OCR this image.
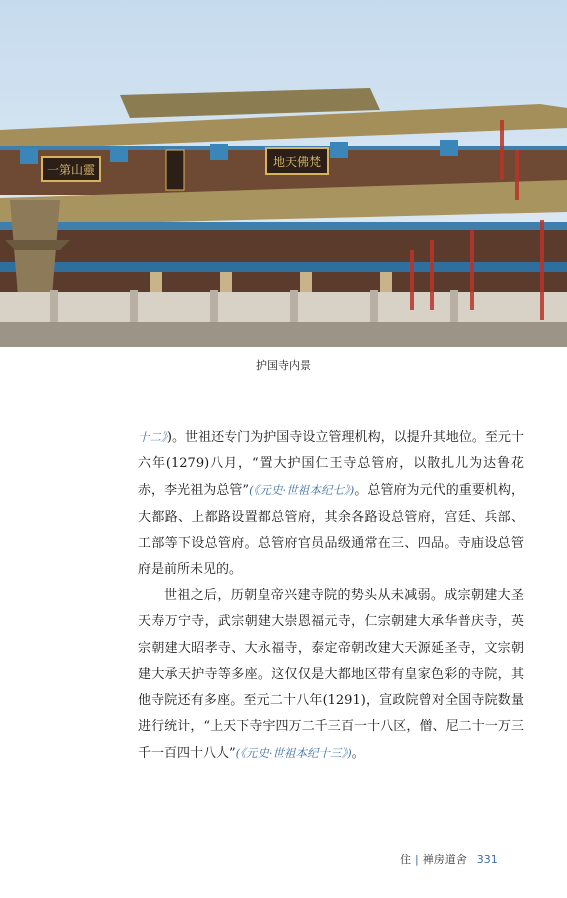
一第山靈
地天佛梵
护国寺内景

十二》)。世祖还专门为护国寺设立管理机构，以提升其地位。至元十六年(1279)八月，“置大护国仁王寺总管府，以散扎儿为达鲁花赤，李光祖为总管”(《元史·世祖本纪七》)。总管府为元代的重要机构，大都路、上都路设置都总管府，其余各路设总管府，宫廷、兵部、工部等下设总管府。总管府官员品级通常在三、四品。寺庙设总管府是前所未见的。

世祖之后，历朝皇帝兴建寺院的势头从未减弱。成宗朝建大圣天寿万宁寺，武宗朝建大崇恩福元寺，仁宗朝建大承华普庆寺，英宗朝建大昭孝寺、大永福寺，泰定帝朝改建大天源延圣寺，文宗朝建大承天护寺等多座。这仅仅是大都地区带有皇家色彩的寺院，其他寺院还有多座。至元二十八年(1291)，宣政院曾对全国寺院数量进行统计，“上天下寺宇四万二千三百一十八区，僧、尼二十一万三千一百四十八人”(《元史·世祖本纪十三》)。

住 | 禅房道舍 331
